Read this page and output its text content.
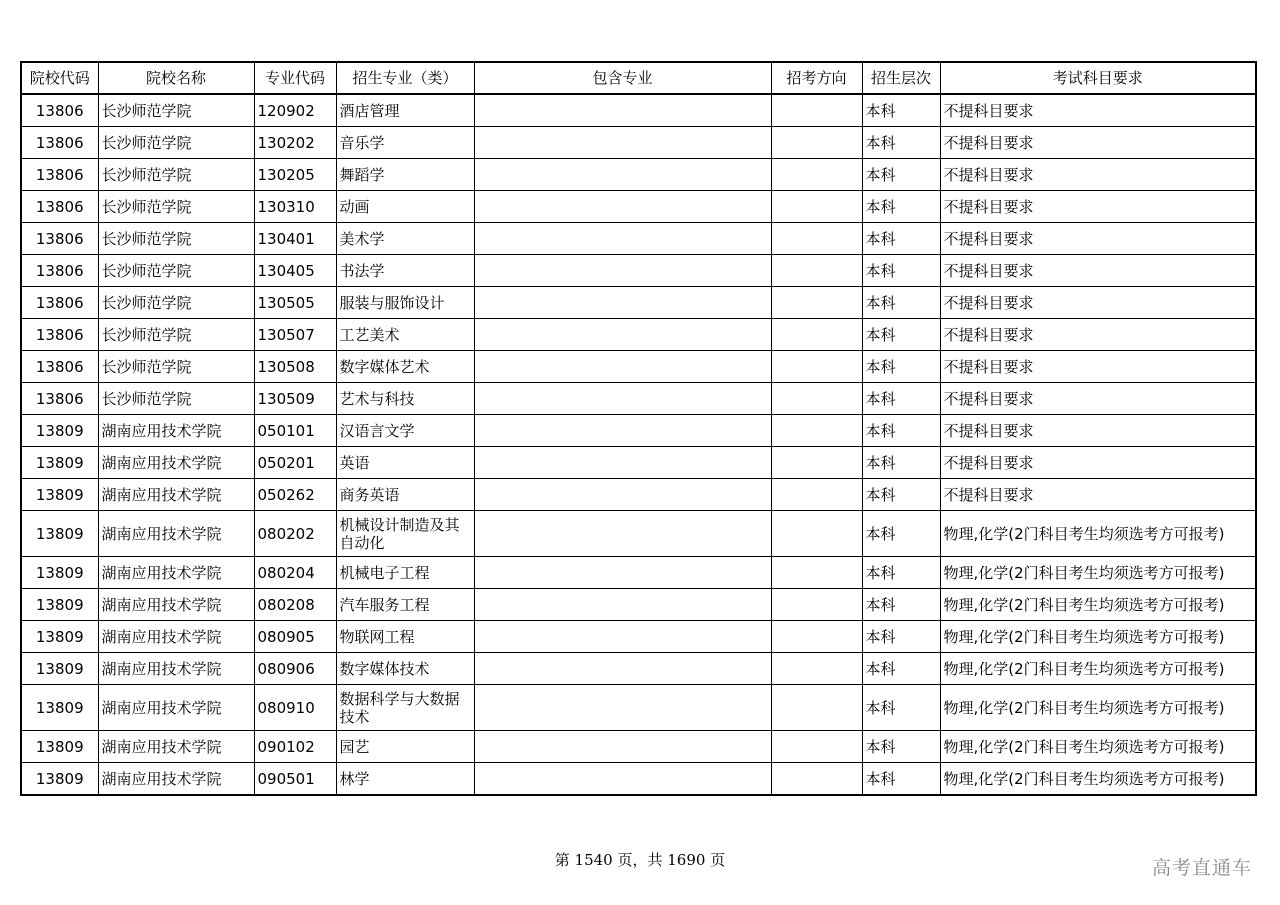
院校代码	院校名称	专业代码	招生专业（类）	包含专业	招考方向	招生层次	考试科目要求
13806	长沙师范学院	120902	酒店管理			本科	不提科目要求
13806	长沙师范学院	130202	音乐学			本科	不提科目要求
13806	长沙师范学院	130205	舞蹈学			本科	不提科目要求
13806	长沙师范学院	130310	动画			本科	不提科目要求
13806	长沙师范学院	130401	美术学			本科	不提科目要求
13806	长沙师范学院	130405	书法学			本科	不提科目要求
13806	长沙师范学院	130505	服装与服饰设计			本科	不提科目要求
13806	长沙师范学院	130507	工艺美术			本科	不提科目要求
13806	长沙师范学院	130508	数字媒体艺术			本科	不提科目要求
13806	长沙师范学院	130509	艺术与科技			本科	不提科目要求
13809	湖南应用技术学院	050101	汉语言文学			本科	不提科目要求
13809	湖南应用技术学院	050201	英语			本科	不提科目要求
13809	湖南应用技术学院	050262	商务英语			本科	不提科目要求
13809	湖南应用技术学院	080202	机械设计制造及其自动化			本科	物理,化学(2门科目考生均须选考方可报考)
13809	湖南应用技术学院	080204	机械电子工程			本科	物理,化学(2门科目考生均须选考方可报考)
13809	湖南应用技术学院	080208	汽车服务工程			本科	物理,化学(2门科目考生均须选考方可报考)
13809	湖南应用技术学院	080905	物联网工程			本科	物理,化学(2门科目考生均须选考方可报考)
13809	湖南应用技术学院	080906	数字媒体技术			本科	物理,化学(2门科目考生均须选考方可报考)
13809	湖南应用技术学院	080910	数据科学与大数据技术			本科	物理,化学(2门科目考生均须选考方可报考)
13809	湖南应用技术学院	090102	园艺			本科	物理,化学(2门科目考生均须选考方可报考)
13809	湖南应用技术学院	090501	林学			本科	物理,化学(2门科目考生均须选考方可报考)
第 1540 页，共 1690 页	高考直通车
